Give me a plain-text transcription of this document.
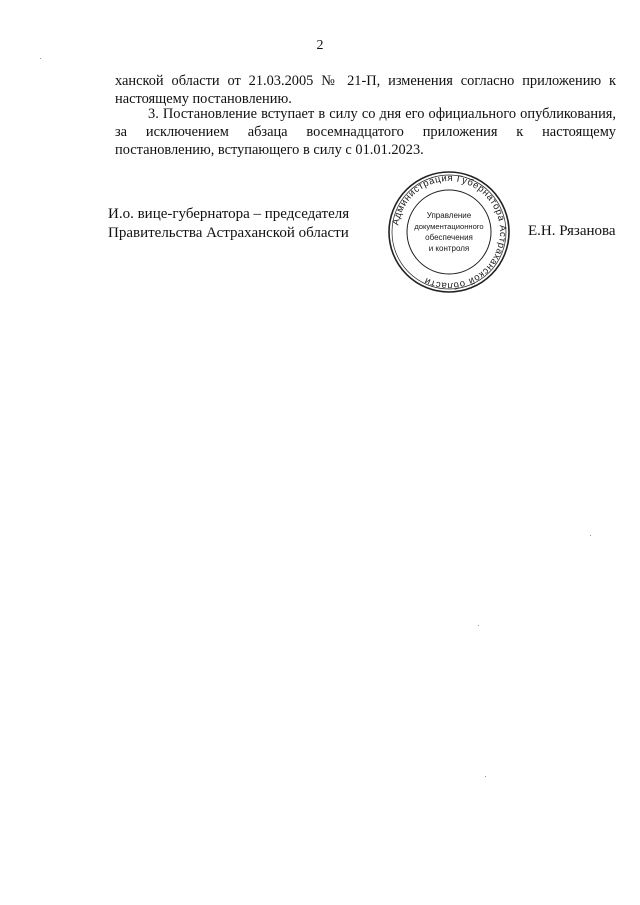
2

ханской области от 21.03.2005 № 21-П, изменения согласно приложению к настоящему постановлению.

3. Постановление вступает в силу со дня его официального опубликования, за исключением абзаца восемнадцатого приложения к настоящему постановлению, вступающего в силу с 01.01.2023.

И.о. вице-губернатора – председателя
Правительства Астраханской области	Е.Н. Рязанова
Администрация Губернатора Астраханской области
Управление
документационного
обеспечения
и контроля
